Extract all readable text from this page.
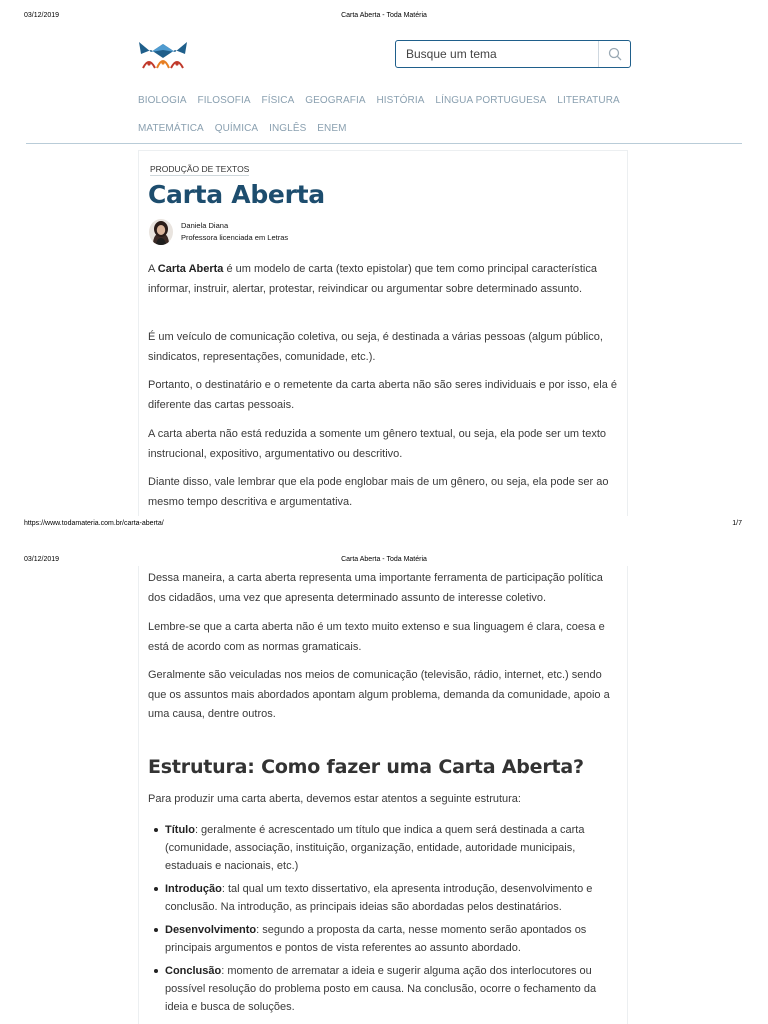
03/12/2019	Carta Aberta - Toda Matéria
Busque um tema
BIOLOGIA FILOSOFIA FÍSICA GEOGRAFIA HISTÓRIA LÍNGUA PORTUGUESA LITERATURA
MATEMÁTICA QUÍMICA INGLÊS ENEM
PRODUÇÃO DE TEXTOS
Carta Aberta
Daniela Diana
Professora licenciada em Letras

A Carta Aberta é um modelo de carta (texto epistolar) que tem como principal característica informar, instruir, alertar, protestar, reivindicar ou argumentar sobre determinado assunto.

É um veículo de comunicação coletiva, ou seja, é destinada a várias pessoas (algum público, sindicatos, representações, comunidade, etc.).

Portanto, o destinatário e o remetente da carta aberta não são seres individuais e por isso, ela é diferente das cartas pessoais.

A carta aberta não está reduzida a somente um gênero textual, ou seja, ela pode ser um texto instrucional, expositivo, argumentativo ou descritivo.

Diante disso, vale lembrar que ela pode englobar mais de um gênero, ou seja, ela pode ser ao mesmo tempo descritiva e argumentativa.

https://www.todamateria.com.br/carta-aberta/	1/7
03/12/2019	Carta Aberta - Toda Matéria

Dessa maneira, a carta aberta representa uma importante ferramenta de participação política dos cidadãos, uma vez que apresenta determinado assunto de interesse coletivo.

Lembre-se que a carta aberta não é um texto muito extenso e sua linguagem é clara, coesa e está de acordo com as normas gramaticais.

Geralmente são veiculadas nos meios de comunicação (televisão, rádio, internet, etc.) sendo que os assuntos mais abordados apontam algum problema, demanda da comunidade, apoio a uma causa, dentre outros.

Estrutura: Como fazer uma Carta Aberta?

Para produzir uma carta aberta, devemos estar atentos a seguinte estrutura:

Título: geralmente é acrescentado um título que indica a quem será destinada a carta (comunidade, associação, instituição, organização, entidade, autoridade municipais, estaduais e nacionais, etc.)
Introdução: tal qual um texto dissertativo, ela apresenta introdução, desenvolvimento e conclusão. Na introdução, as principais ideias são abordadas pelos destinatários.
Desenvolvimento: segundo a proposta da carta, nesse momento serão apontados os principais argumentos e pontos de vista referentes ao assunto abordado.
Conclusão: momento de arrematar a ideia e sugerir alguma ação dos interlocutores ou possível resolução do problema posto em causa. Na conclusão, ocorre o fechamento da ideia e busca de soluções.
